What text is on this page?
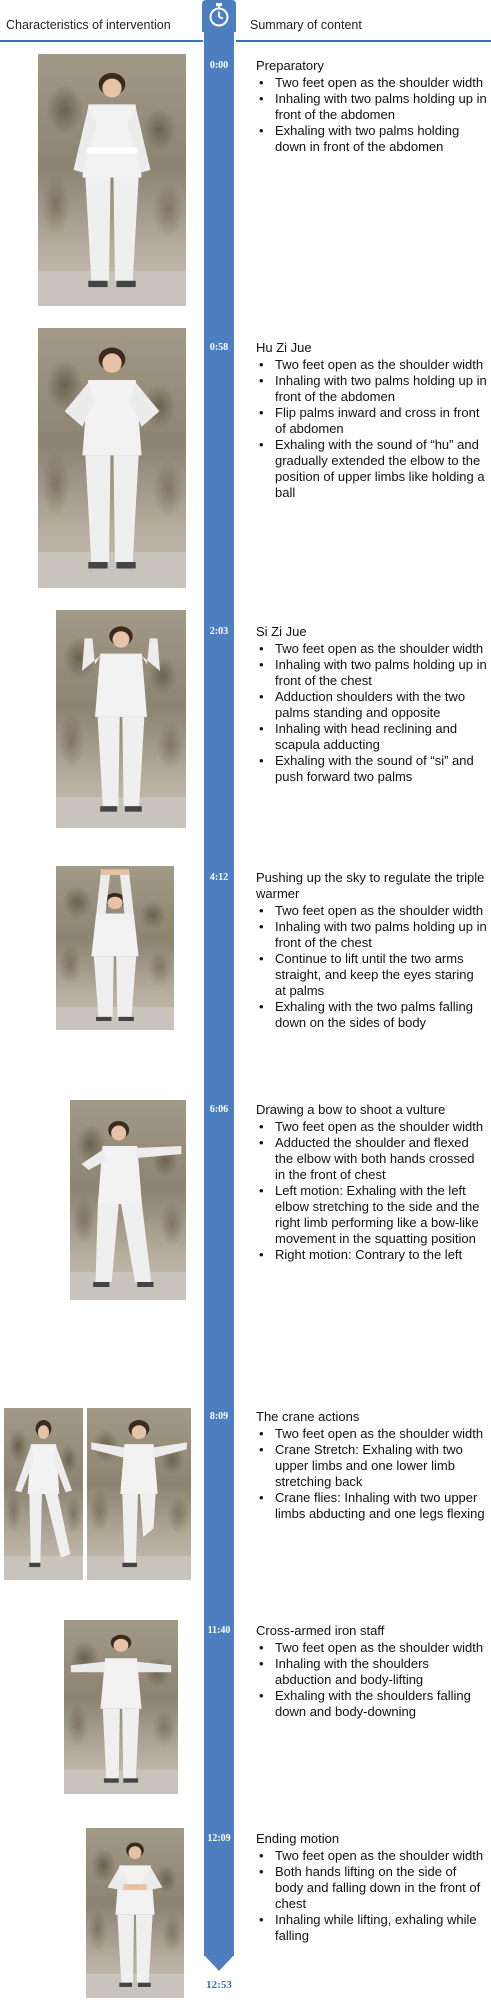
Characteristics of intervention	Summary of content
0:00
0:58
2:03
4:12
6:06
8:09
11:40
12:09
12:53
Preparatory
• Two feet open as the shoulder width
• Inhaling with two palms holding up in front of the abdomen
• Exhaling with two palms holding down in front of the abdomen
Hu Zi Jue
• Two feet open as the shoulder width
• Inhaling with two palms holding up in front of the abdomen
• Flip palms inward and cross in front of abdomen
• Exhaling with the sound of “hu” and gradually extended the elbow to the position of upper limbs like holding a ball
Si Zi Jue
• Two feet open as the shoulder width
• Inhaling with two palms holding up in front of the chest
• Adduction shoulders with the two palms standing and opposite
• Inhaling with head reclining and scapula adducting
• Exhaling with the sound of “si” and push forward two palms
Pushing up the sky to regulate the triple warmer
• Two feet open as the shoulder width
• Inhaling with two palms holding up in front of the chest
• Continue to lift until the two arms straight, and keep the eyes staring at palms
• Exhaling with the two palms falling down on the sides of body
Drawing a bow to shoot a vulture
• Two feet open as the shoulder width
• Adducted the shoulder and flexed the elbow with both hands crossed in the front of chest
• Left motion: Exhaling with the left elbow stretching to the side and the right limb performing like a bow-like movement in the squatting position
• Right motion: Contrary to the left
The crane actions
• Two feet open as the shoulder width
• Crane Stretch: Exhaling with two upper limbs and one lower limb stretching back
• Crane flies: Inhaling with two upper limbs abducting and one legs flexing
Cross-armed iron staff
• Two feet open as the shoulder width
• Inhaling with the shoulders abduction and body-lifting
• Exhaling with the shoulders falling down and body-downing
Ending motion
• Two feet open as the shoulder width
• Both hands lifting on the side of body and falling down in the front of chest
• Inhaling while lifting, exhaling while falling
